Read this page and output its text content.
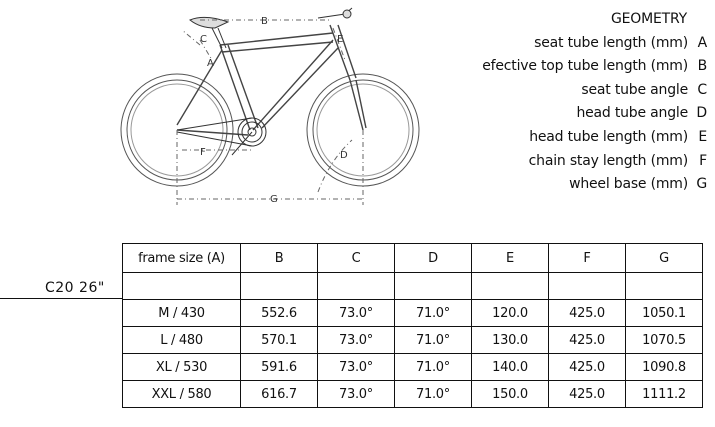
B
C
A
E
F	D
G
GEOMETRY
seat tube length (mm) A
efective top tube length (mm) B
seat tube angle C
head tube angle D
head tube length (mm) E
chain stay length (mm) F
wheel base (mm) G
C20 26"
frame size (A)	B	C	D	E	F	G

M / 430	552.6	73.0°	71.0°	120.0	425.0	1050.1
L / 480	570.1	73.0°	71.0°	130.0	425.0	1070.5
XL / 530	591.6	73.0°	71.0°	140.0	425.0	1090.8
XXL / 580	616.7	73.0°	71.0°	150.0	425.0	1111.2
